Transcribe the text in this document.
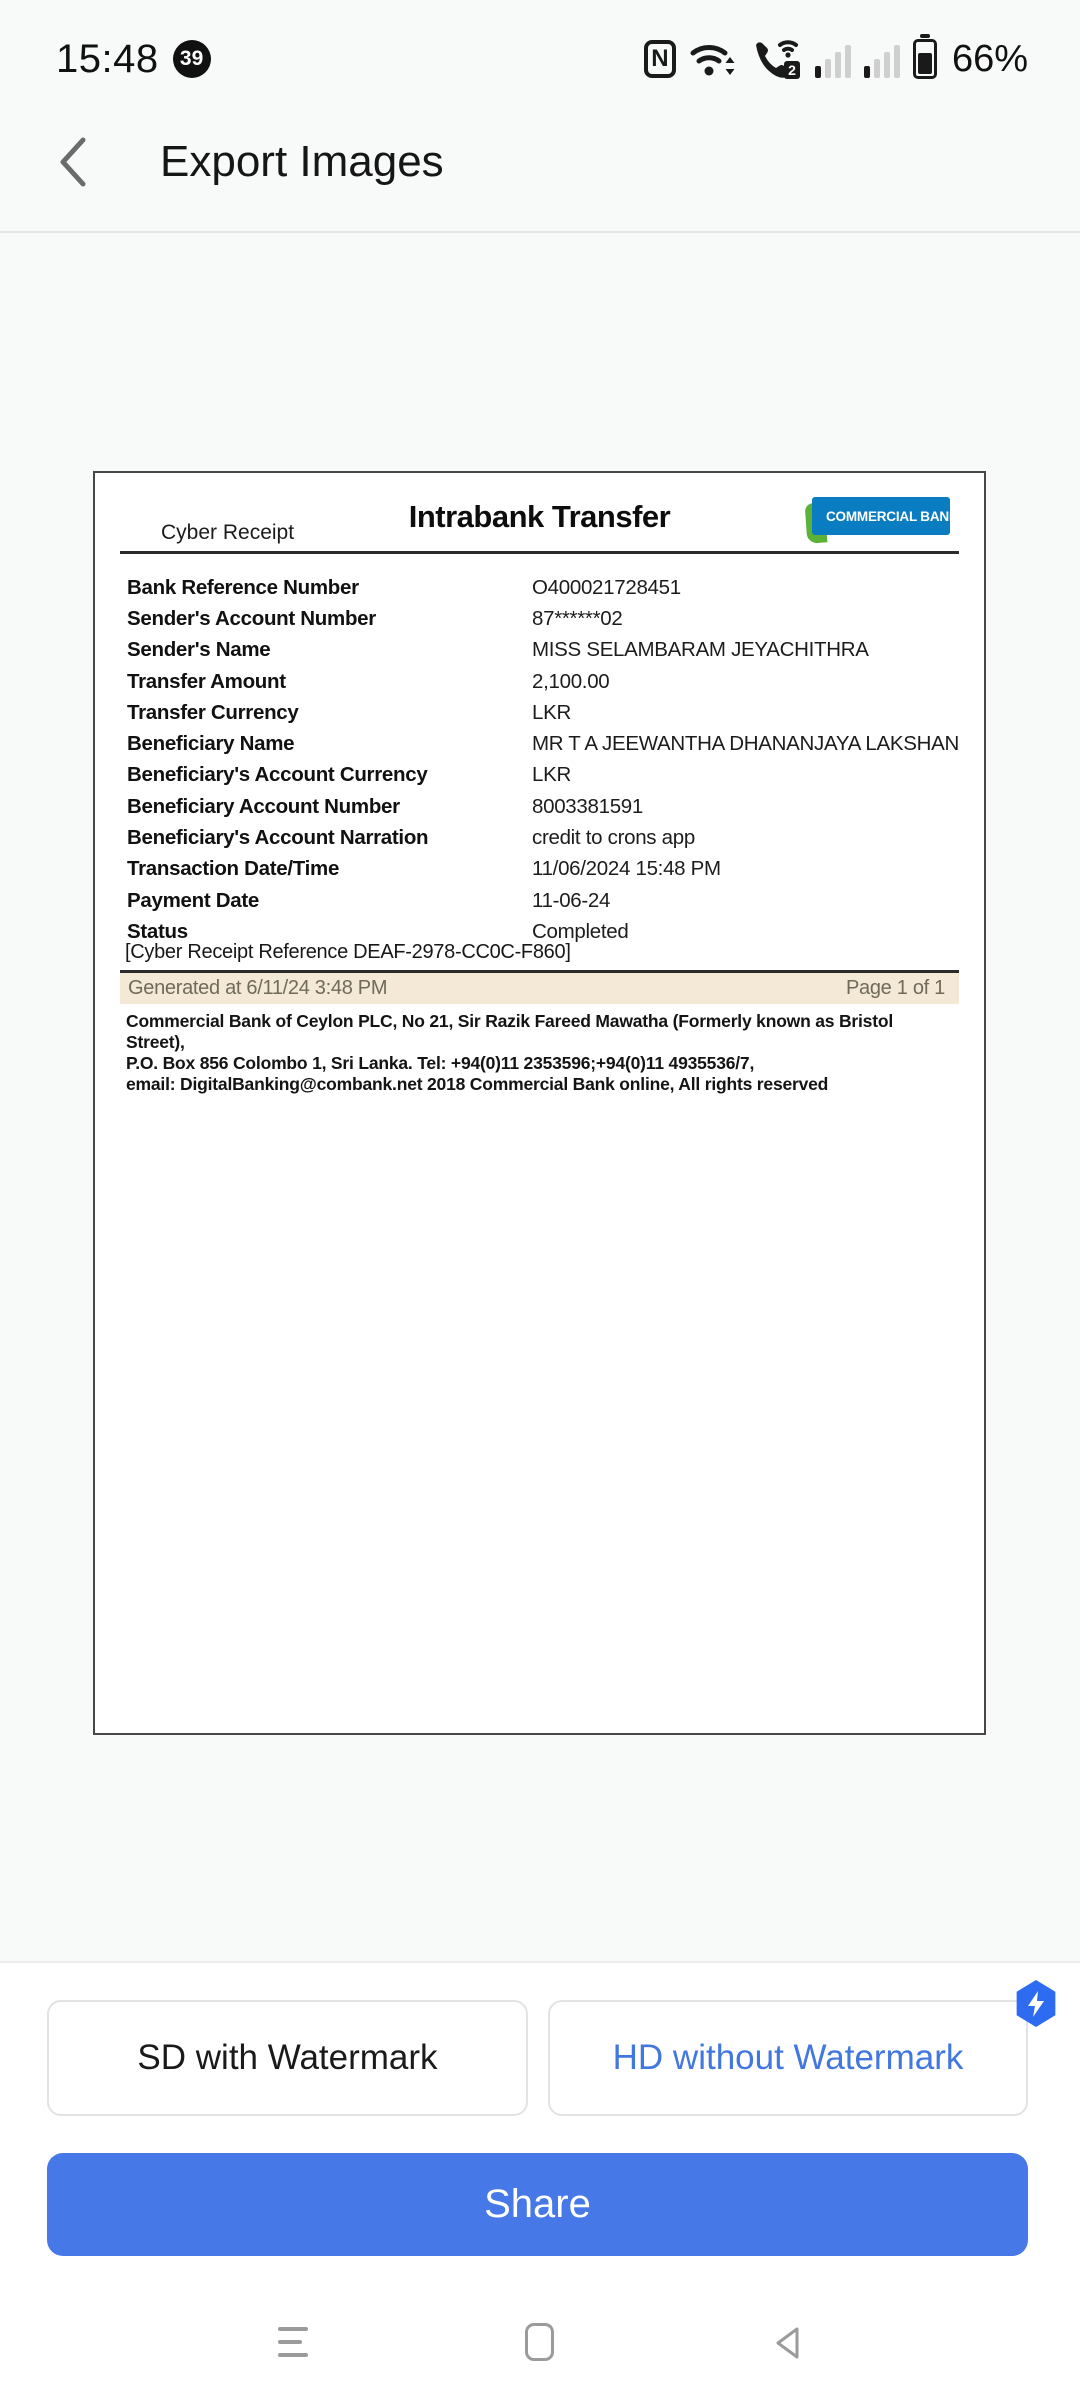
15:48	39	N	2	66%
Export Images
Cyber Receipt	Intrabank Transfer	COMMERCIAL BANK
Bank Reference Number	O400021728451
Sender's Account Number	87******02
Sender's Name	MISS SELAMBARAM JEYACHITHRA
Transfer Amount	2,100.00
Transfer Currency	LKR
Beneficiary Name	MR T A JEEWANTHA DHANANJAYA LAKSHAN
Beneficiary's Account Currency	LKR
Beneficiary Account Number	8003381591
Beneficiary's Account Narration	credit to crons app
Transaction Date/Time	11/06/2024 15:48 PM
Payment Date	11-06-24
Status	Completed
[Cyber Receipt Reference DEAF-2978-CC0C-F860]
Generated at 6/11/24 3:48 PM	Page 1 of 1
Commercial Bank of Ceylon PLC, No 21, Sir Razik Fareed Mawatha (Formerly known as Bristol Street),
P.O. Box 856 Colombo 1, Sri Lanka. Tel: +94(0)11 2353596;+94(0)11 4935536/7,
email: DigitalBanking@combank.net 2018 Commercial Bank online, All rights reserved
SD with Watermark	HD without Watermark
Share
